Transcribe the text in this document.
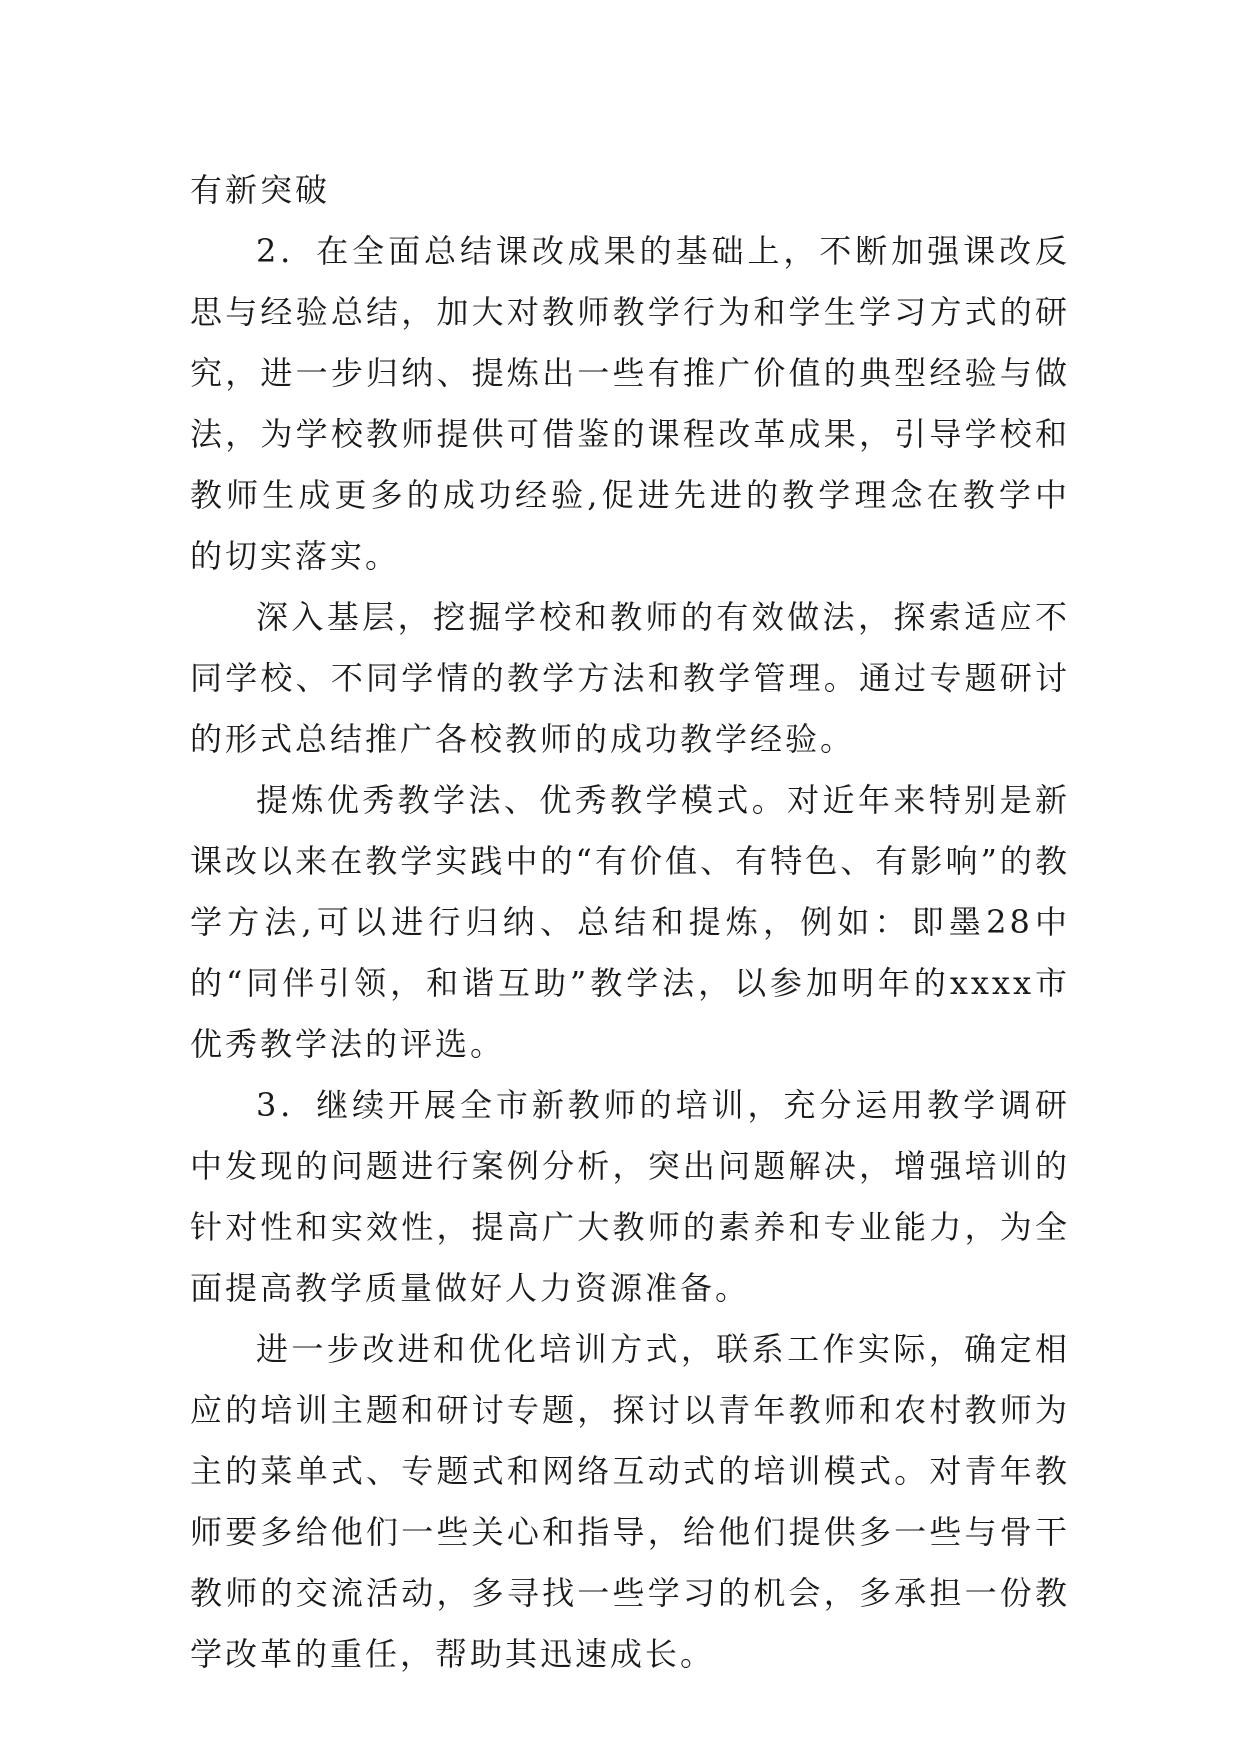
有新突破

2．在全面总结课改成果的基础上，不断加强课改反思与经验总结，加大对教师教学行为和学生学习方式的研究，进一步归纳、提炼出一些有推广价值的典型经验与做法，为学校教师提供可借鉴的课程改革成果，引导学校和教师生成更多的成功经验,促进先进的教学理念在教学中的切实落实。

深入基层，挖掘学校和教师的有效做法，探索适应不同学校、不同学情的教学方法和教学管理。通过专题研讨的形式总结推广各校教师的成功教学经验。

提炼优秀教学法、优秀教学模式。对近年来特别是新课改以来在教学实践中的“有价值、有特色、有影响”的教学方法,可以进行归纳、总结和提炼，例如：即墨28中的“同伴引领，和谐互助”教学法，以参加明年的xxxx市优秀教学法的评选。

3．继续开展全市新教师的培训，充分运用教学调研中发现的问题进行案例分析，突出问题解决，增强培训的针对性和实效性，提高广大教师的素养和专业能力，为全面提高教学质量做好人力资源准备。

进一步改进和优化培训方式，联系工作实际，确定相应的培训主题和研讨专题，探讨以青年教师和农村教师为主的菜单式、专题式和网络互动式的培训模式。对青年教师要多给他们一些关心和指导，给他们提供多一些与骨干教师的交流活动，多寻找一些学习的机会，多承担一份教学改革的重任，帮助其迅速成长。
